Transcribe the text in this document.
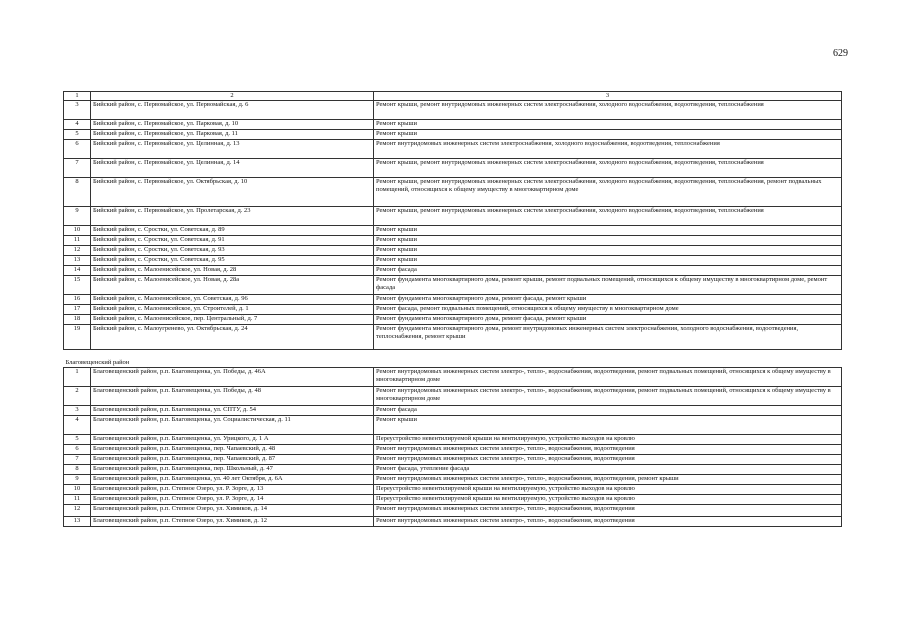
629
1	2	3
3	Бийский район, с. Первомайское, ул. Первомайская, д. 6	Ремонт крыши, ремонт внутридомовых инженерных систем электроснабжения, холодного водоснабжения, водоотведения, теплоснабжения
4	Бийский район, с. Первомайское, ул. Парковая, д. 10	Ремонт крыши
5	Бийский район, с. Первомайское, ул. Парковая, д. 11	Ремонт крыши
6	Бийский район, с. Первомайское, ул. Целинная, д. 13	Ремонт внутридомовых инженерных систем электроснабжения, холодного водоснабжения, водоотведения, теплоснабжения
7	Бийский район, с. Первомайское, ул. Целинная, д. 14	Ремонт крыши, ремонт внутридомовых инженерных систем электроснабжения, холодного водоснабжения, водоотведения, теплоснабжения
8	Бийский район, с. Первомайское, ул. Октябрьская, д. 10	Ремонт крыши, ремонт внутридомовых инженерных систем электроснабжения, холодного водоснабжения, водоотведения, теплоснабжения, ремонт подвальных помещений, относящихся к общему имуществу в многоквартирном доме
9	Бийский район, с. Первомайское, ул. Пролетарская, д. 23	Ремонт крыши, ремонт внутридомовых инженерных систем электроснабжения, холодного водоснабжения, водоотведения, теплоснабжения
10	Бийский район, с. Сростки, ул. Советская, д. 89	Ремонт крыши
11	Бийский район, с. Сростки, ул. Советская, д. 91	Ремонт крыши
12	Бийский район, с. Сростки, ул. Советская, д. 93	Ремонт крыши
13	Бийский район, с. Сростки, ул. Советская, д. 95	Ремонт крыши
14	Бийский район, с. Малоенисейское, ул. Новая, д. 28	Ремонт фасада
15	Бийский район, с. Малоенисейское, ул. Новая, д. 28а	Ремонт фундамента многоквартирного дома, ремонт крыши, ремонт подвальных помещений, относящихся к общему имуществу в многоквартирном доме, ремонт фасада
16	Бийский район, с. Малоенисейское, ул. Советская, д. 96	Ремонт фундамента многоквартирного дома, ремонт фасада, ремонт крыши
17	Бийский район, с. Малоенисейское, ул. Строителей, д. 1	Ремонт фасада, ремонт подвальных помещений, относящихся к общему имуществу в многоквартирном доме
18	Бийский район, с. Малоенисейское, пер. Центральный, д. 7	Ремонт фундамента многоквартирного дома, ремонт фасада, ремонт крыши
19	Бийский район, с. Малоугренево, ул. Октябрьская, д. 24	Ремонт фундамента многоквартирного дома, ремонт внутридомовых инженерных систем электроснабжения, холодного водоснабжения, водоотведения, теплоснабжения, ремонт крыши
Благовещенский район		
1	Благовещенский район, р.п. Благовещенка, ул. Победы, д. 46А	Ремонт внутридомовых инженерных систем электро-, тепло-, водоснабжения, водоотведения, ремонт подвальных помещений, относящихся к общему имуществу в многоквартирном доме
2	Благовещенский район, р.п. Благовещенка, ул. Победы, д. 48	Ремонт внутридомовых инженерных систем электро-, тепло-, водоснабжения, водоотведения, ремонт подвальных помещений, относящихся к общему имуществу в многоквартирном доме
3	Благовещенский район, р.п. Благовещенка, ул. СПТУ, д. 54	Ремонт фасада
4	Благовещенский район, р.п. Благовещенка, ул. Социалистическая, д. 11	Ремонт крыши
5	Благовещенский район, р.п. Благовещенка, ул. Урицкого, д. 1 А	Переустройство невентилируемой крыши на вентилируемую, устройство выходов на кровлю
6	Благовещенский район, р.п. Благовещенка, пер. Чапаевский, д. 48	Ремонт внутридомовых инженерных систем электро-, тепло-, водоснабжения, водоотведения
7	Благовещенский район, р.п. Благовещенка, пер. Чапаевский, д. 87	Ремонт внутридомовых инженерных систем электро-, тепло-, водоснабжения, водоотведения
8	Благовещенский район, р.п. Благовещенка, пер. Школьный, д. 47	Ремонт фасада, утепление фасада
9	Благовещенский район, р.п. Благовещенка, ул. 40 лет Октября, д. 6А	Ремонт внутридомовых инженерных систем электро-, тепло-, водоснабжения, водоотведения, ремонт крыши
10	Благовещенский район, р.п. Степное Озеро, ул. Р. Зорге, д. 13	Переустройство невентилируемой крыши на вентилируемую, устройство выходов на кровлю
11	Благовещенский район, р.п. Степное Озеро, ул. Р. Зорге, д. 14	Переустройство невентилируемой крыши на вентилируемую, устройство выходов на кровлю
12	Благовещенский район, р.п. Степное Озеро, ул. Химиков, д. 14	Ремонт внутридомовых инженерных систем электро-, тепло-, водоснабжения, водоотведения
13	Благовещенский район, р.п. Степное Озеро, ул. Химиков, д. 12	Ремонт внутридомовых инженерных систем электро-, тепло-, водоснабжения, водоотведения
